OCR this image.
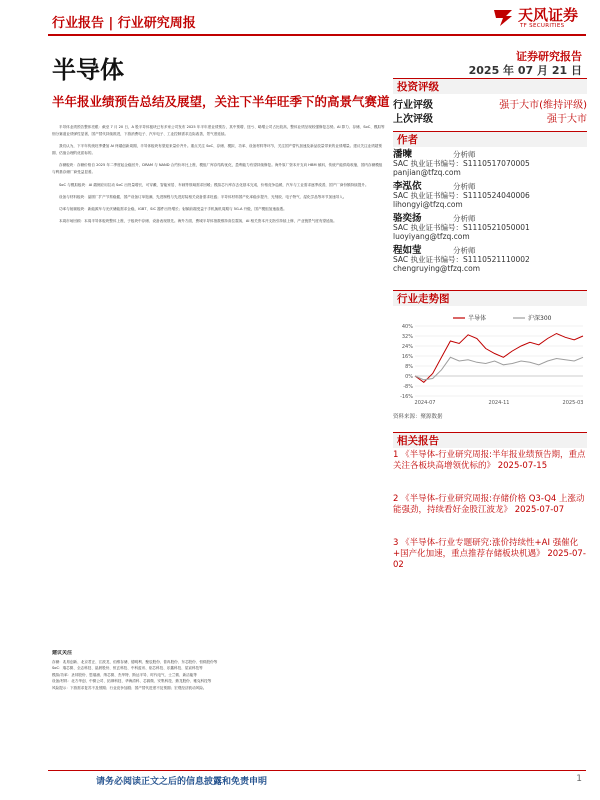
行业报告 | 行业研究周报	天风证券
TF SECURITIES
半导体	证券研究报告
2025 年 07 月 21 日
半年报业绩预告总结及展望，关注下半年旺季下的高景气赛道

半导体业绩预告整体亮眼：截至 7 月 20 日，A 股半导体板块已有多家公司发布 2025 年半年度业绩预告，其中预增、扭亏、略增公司占比较高，整体业绩呈现较强修复态势。AI 算力、存储、SoC、模拟等细分赛道业绩弹性显著，国产替代持续推进，下游消费电子、汽车电子、工业控制需求边际改善，景气度延续。

我们认为，下半年传统旺季叠加 AI 终端创新周期，半导体板块有望迎来量价齐升。重点关注 SoC、存储、模拟、功率、设备材料等环节，关注国产替代加速及新品放量带来的业绩增量。建议关注业绩超预期、估值合理的优质标的。

存储板块：存储价格自 2025 年二季度起企稳回升，DRAM 与 NAND 合约价环比上涨，模组厂库存结构优化，盈利能力有望持续修复。海外原厂资本开支向 HBM 倾斜，传统产能供给收缩，国内存储模组与利基存储厂商受益显著。

SoC 与模拟板块：AI 端侧应用拉动 SoC 出货量增长，可穿戴、智能家居、车载等领域需求回暖；模拟芯片库存去化基本完成，价格竞争趋缓，汽车与工业需求逐季改善，国产厂商份额持续提升。

设备与材料板块：晶圆厂扩产节奏稳健，国产设备订单饱满，先进制程与先进封装相关设备需求旺盛；半导体材料国产化率稳步提升，光刻胶、电子特气、湿化学品等环节加速导入。

功率与射频板块：新能源车与光伏储能需求企稳，IGBT、SiC 器件出货增长；射频前端受益于手机换机周期与 5G-A 升级，国产模组加速渗透。

本周市场回顾：本周半导体板块整体上涨，子板块中存储、设备表现领先。海外方面，费城半导体指数维持高位震荡，AI 相关资本开支指引持续上修，产业链景气度有望延续。

建议关注
存储：兆易创新、北京君正、江波龙、佰维存储、德明利、聚辰股份、普冉股份、东芯股份、恒烁股份等
SoC：瑞芯微、全志科技、晶晨股份、恒玄科技、中科蓝讯、炬芯科技、乐鑫科技、星宸科技等
模拟/功率：圣邦股份、思瑞浦、纳芯微、杰华特、斯达半导、时代电气、士兰微、新洁能等
设备/材料：北方华创、中微公司、拓荆科技、华海清科、芯源微、安集科技、鼎龙股份、雅克科技等
风险提示：下游需求复苏不及预期；行业竞争加剧；国产替代进度不及预期；宏观经济波动风险。
投资评级
行业评级	强于大市(维持评级)
上次评级	强于大市
作者
潘暕	分析师
SAC 执业证书编号：S1110517070005
panjian@tfzq.com
李泓依	分析师
SAC 执业证书编号：S1110524040006
lihongyi@tfzq.com
骆奕扬	分析师
SAC 执业证书编号：S1110521050001
luoyiyang@tfzq.com
程如莹	分析师
SAC 执业证书编号：S1110521110002
chengruying@tfzq.com
行业走势图
-16%
-8%
0%
8%
16%
24%
32%
40%
2024-07	2024-11	2025-03
半导体	沪深300
资料来源：聚源数据
相关报告
1 《半导体-行业研究周报:半年报业绩预告期，重点关注各板块高增领优标的》 2025-07-15
2 《半导体-行业研究周报:存储价格 Q3-Q4 上涨动能强劲，持续看好金股江波龙》 2025-07-07
3 《半导体-行业专题研究:涨价持续性+AI 强催化+国产化加速，重点推荐存储板块机遇》 2025-07-02
请务必阅读正文之后的信息披露和免责申明	1
